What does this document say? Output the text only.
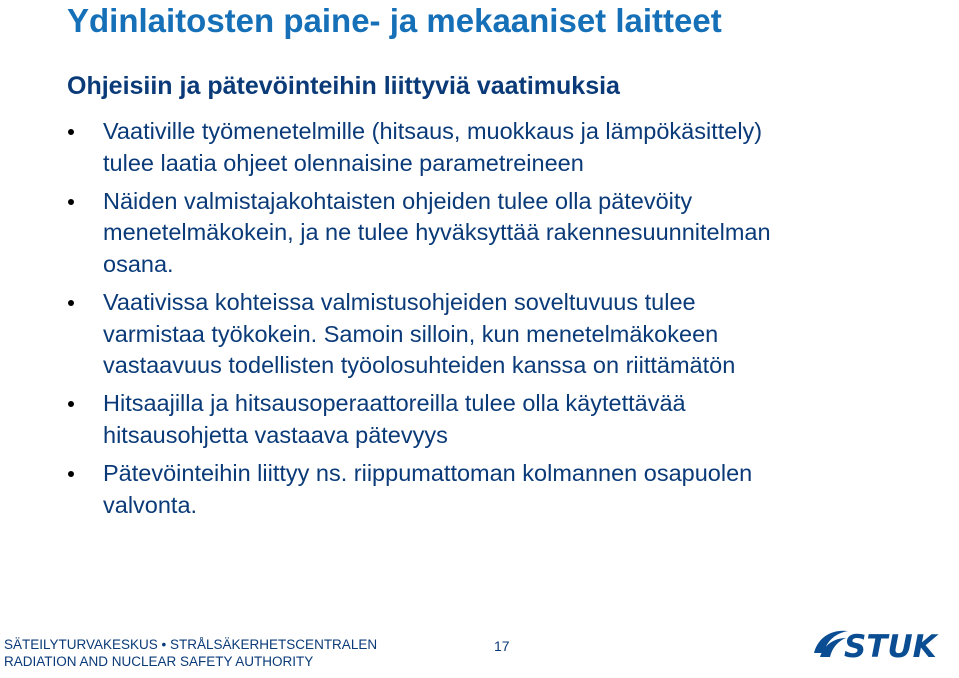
Ydinlaitosten paine- ja mekaaniset laitteet
Ohjeisiin ja pätevöinteihin liittyviä vaatimuksia
Vaativille työmenetelmille (hitsaus, muokkaus ja lämpökäsittely)
tulee laatia ohjeet olennaisine parametreineen
Näiden valmistajakohtaisten ohjeiden tulee olla pätevöity
menetelmäkokein, ja ne tulee hyväksyttää rakennesuunnitelman
osana.
Vaativissa kohteissa valmistusohjeiden soveltuvuus tulee
varmistaa työkokein. Samoin silloin, kun menetelmäkokeen
vastaavuus todellisten työolosuhteiden kanssa on riittämätön
Hitsaajilla ja hitsausoperaattoreilla tulee olla käytettävää
hitsausohjetta vastaava pätevyys
Pätevöinteihin liittyy ns. riippumattoman kolmannen osapuolen
valvonta.
SÄTEILYTURVAKESKUS • STRÅLSÄKERHETSCENTRALEN
RADIATION AND NUCLEAR SAFETY AUTHORITY
17	STUK
